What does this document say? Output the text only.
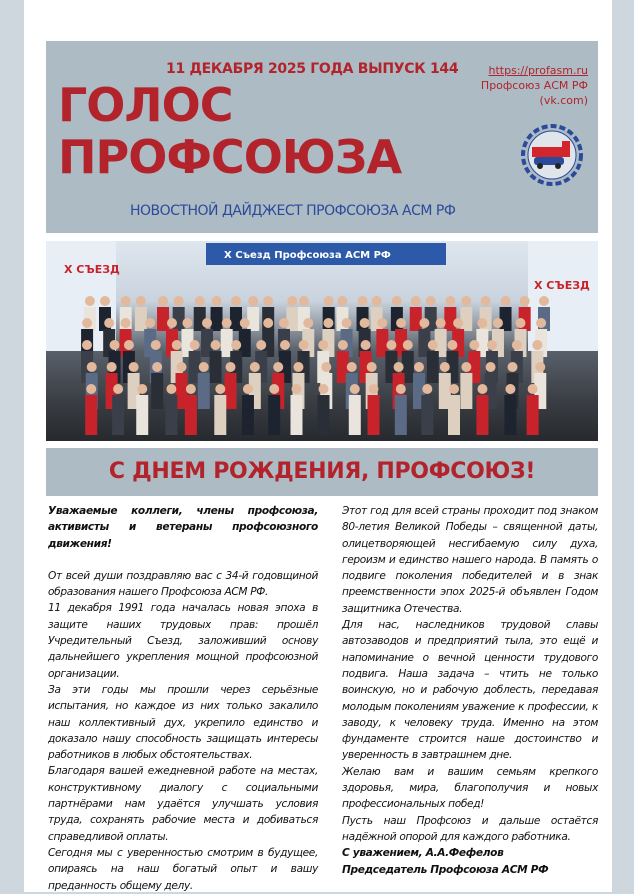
11 ДЕКАБРЯ 2025 ГОДА ВЫПУСК 144
ГОЛОС
ПРОФСОЮЗА
https://profasm.ru
Профсоюз АСМ РФ
(vk.com)
НОВОСТНОЙ ДАЙДЖЕСТ ПРОФСОЮЗА АСМ РФ
X СЪЕЗД
X СЪЕЗД
X Съезд Профсоюза АСМ РФ
С ДНЕМ РОЖДЕНИЯ, ПРОФСОЮЗ!

Уважаемые коллеги, члены профсоюза, активисты и ветераны профсоюзного движения!

От всей души поздравляю вас с 34-й годовщиной образования нашего Профсоюза АСМ РФ.

11 декабря 1991 года началась новая эпоха в защите наших трудовых прав: прошёл Учредительный Съезд, заложивший основу дальнейшего укрепления мощной профсоюзной организации.

За эти годы мы прошли через серьёзные испытания, но каждое из них только закалило наш коллективный дух, укрепило единство и доказало нашу способность защищать интересы работников в любых обстоятельствах.

Благодаря вашей ежедневной работе на местах, конструктивному диалогу с социальными партнёрами нам удаётся улучшать условия труда, сохранять рабочие места и добиваться справедливой оплаты.

Сегодня мы с уверенностью смотрим в будущее, опираясь на наш богатый опыт и вашу преданность общему делу.

Этот год для всей страны проходит под знаком 80-летия Великой Победы – священной даты, олицетворяющей несгибаемую силу духа, героизм и единство нашего народа. В память о подвиге поколения победителей и в знак преемственности эпох 2025-й объявлен Годом защитника Отечества.

Для нас, наследников трудовой славы автозаводов и предприятий тыла, это ещё и напоминание о вечной ценности трудового подвига. Наша задача – чтить не только воинскую, но и рабочую доблесть, передавая молодым поколениям уважение к профессии, к заводу, к человеку труда. Именно на этом фундаменте строится наше достоинство и уверенность в завтрашнем дне.

Желаю вам и вашим семьям крепкого здоровья, мира, благополучия и новых профессиональных побед!

Пусть наш Профсоюз и дальше остаётся надёжной опорой для каждого работника.

С уважением, А.А.Фефелов

Председатель Профсоюза АСМ РФ
